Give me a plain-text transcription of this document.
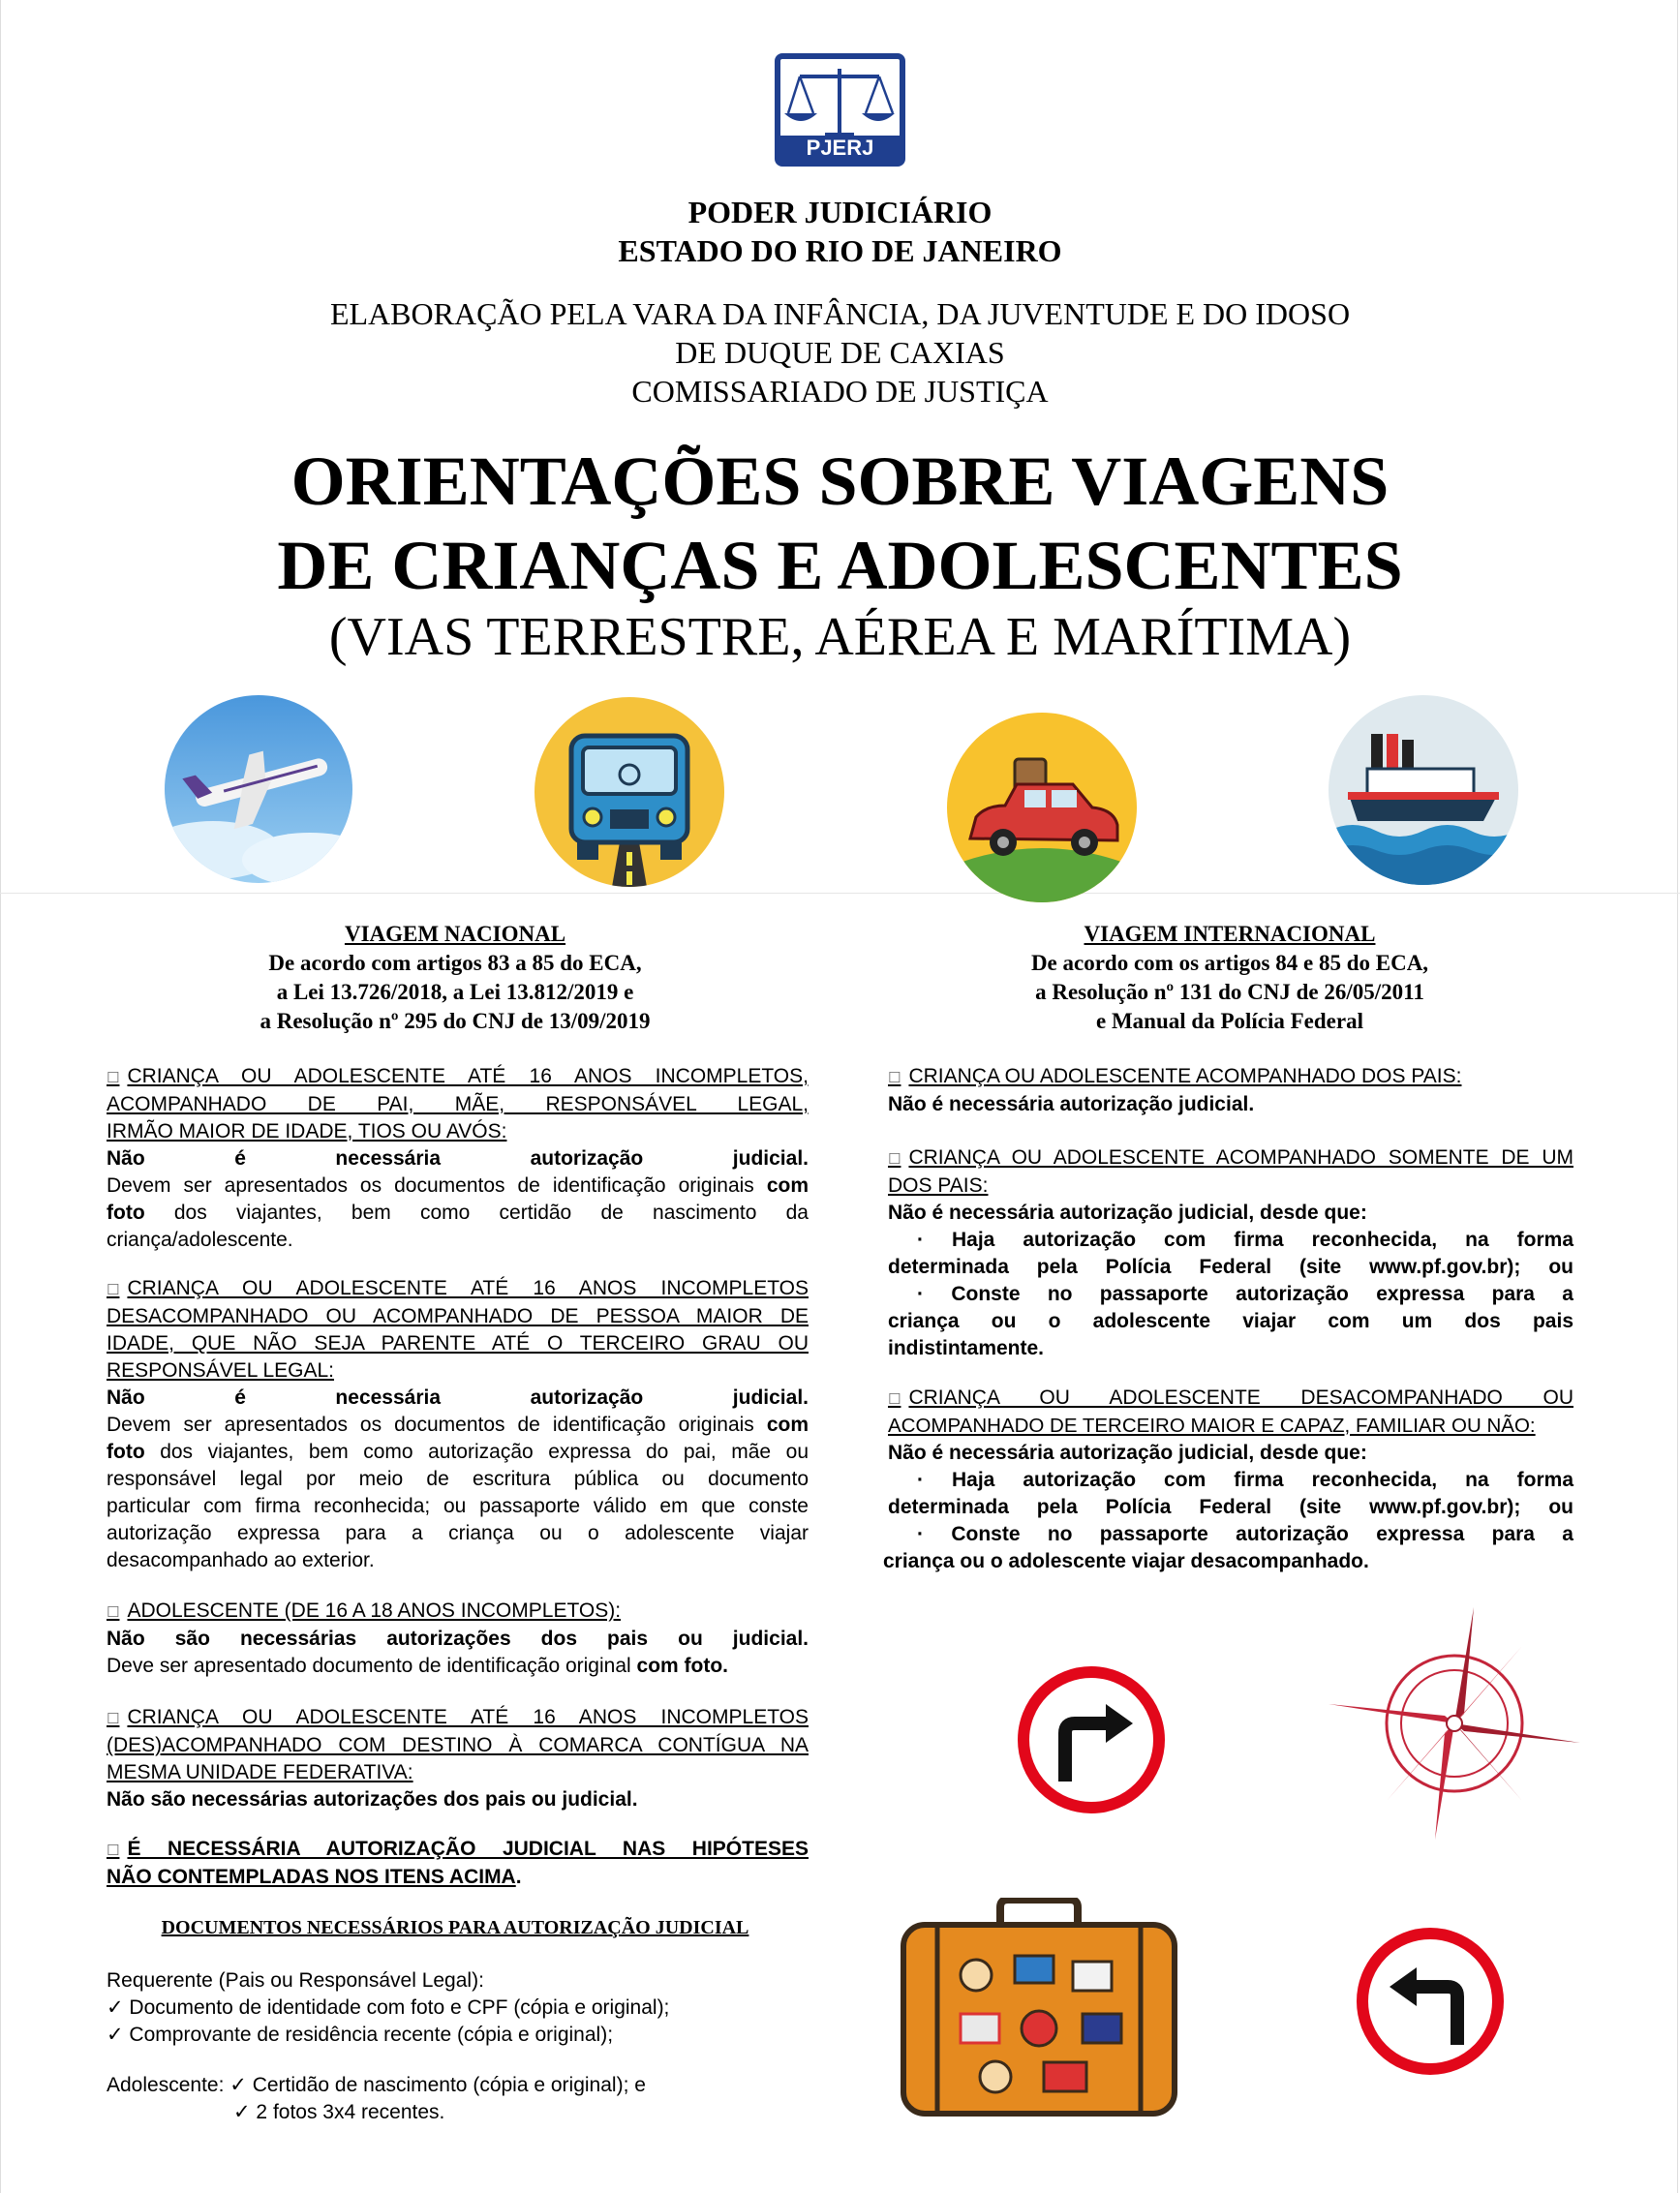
PJERJ
PODER JUDICIÁRIO
ESTADO DO RIO DE JANEIRO
ELABORAÇÃO PELA VARA DA INFÂNCIA, DA JUVENTUDE E DO IDOSO
DE DUQUE DE CAXIAS
COMISSARIADO DE JUSTIÇA
ORIENTAÇÕES SOBRE VIAGENS
DE CRIANÇAS E ADOLESCENTES
(VIAS TERRESTRE, AÉREA E MARÍTIMA)
VIAGEM NACIONAL
De acordo com artigos 83 a 85 do ECA,
a Lei 13.726/2018, a Lei 13.812/2019 e
a Resolução nº 295 do CNJ de 13/09/2019
☐ CRIANÇA OU ADOLESCENTE ATÉ 16 ANOS INCOMPLETOS,
ACOMPANHADO DE PAI, MÃE, RESPONSÁVEL LEGAL,
IRMÃO MAIOR DE IDADE, TIOS OU AVÓS:
Não é necessária autorização judicial.
Devem ser apresentados os documentos de identificação originais com
foto dos viajantes, bem como certidão de nascimento da
criança/adolescente.
☐ CRIANÇA OU ADOLESCENTE ATÉ 16 ANOS INCOMPLETOS
DESACOMPANHADO OU ACOMPANHADO DE PESSOA MAIOR DE
IDADE, QUE NÃO SEJA PARENTE ATÉ O TERCEIRO GRAU OU
RESPONSÁVEL LEGAL:
Não é necessária autorização judicial.
Devem ser apresentados os documentos de identificação originais com
foto dos viajantes, bem como autorização expressa do pai, mãe ou
responsável legal por meio de escritura pública ou documento
particular com firma reconhecida; ou passaporte válido em que conste
autorização expressa para a criança ou o adolescente viajar
desacompanhado ao exterior.
☐ ADOLESCENTE (DE 16 A 18 ANOS INCOMPLETOS):
Não são necessárias autorizações dos pais ou judicial.
Deve ser apresentado documento de identificação original com foto.
☐ CRIANÇA OU ADOLESCENTE ATÉ 16 ANOS INCOMPLETOS
(DES)ACOMPANHADO COM DESTINO À COMARCA CONTÍGUA NA
MESMA UNIDADE FEDERATIVA:
Não são necessárias autorizações dos pais ou judicial.
☐ É NECESSÁRIA AUTORIZAÇÃO JUDICIAL NAS HIPÓTESES
NÃO CONTEMPLADAS NOS ITENS ACIMA.
DOCUMENTOS NECESSÁRIOS PARA AUTORIZAÇÃO JUDICIAL
Requerente (Pais ou Responsável Legal):
✓ Documento de identidade com foto e CPF (cópia e original);
✓ Comprovante de residência recente (cópia e original);
Adolescente: ✓ Certidão de nascimento (cópia e original); e
✓ 2 fotos 3x4 recentes.
VIAGEM INTERNACIONAL
De acordo com os artigos 84 e 85 do ECA,
a Resolução nº 131 do CNJ de 26/05/2011
e Manual da Polícia Federal
☐ CRIANÇA OU ADOLESCENTE ACOMPANHADO DOS PAIS:
Não é necessária autorização judicial.
☐ CRIANÇA OU ADOLESCENTE ACOMPANHADO SOMENTE DE UM
DOS PAIS:
Não é necessária autorização judicial, desde que:
· Haja autorização com firma reconhecida, na forma
determinada pela Polícia Federal (site www.pf.gov.br); ou
· Conste no passaporte autorização expressa para a
criança ou o adolescente viajar com um dos pais
indistintamente.
☐ CRIANÇA OU ADOLESCENTE DESACOMPANHADO OU
ACOMPANHADO DE TERCEIRO MAIOR E CAPAZ, FAMILIAR OU NÃO:
Não é necessária autorização judicial, desde que:
· Haja autorização com firma reconhecida, na forma
determinada pela Polícia Federal (site www.pf.gov.br); ou
· Conste no passaporte autorização expressa para a
criança ou o adolescente viajar desacompanhado.
